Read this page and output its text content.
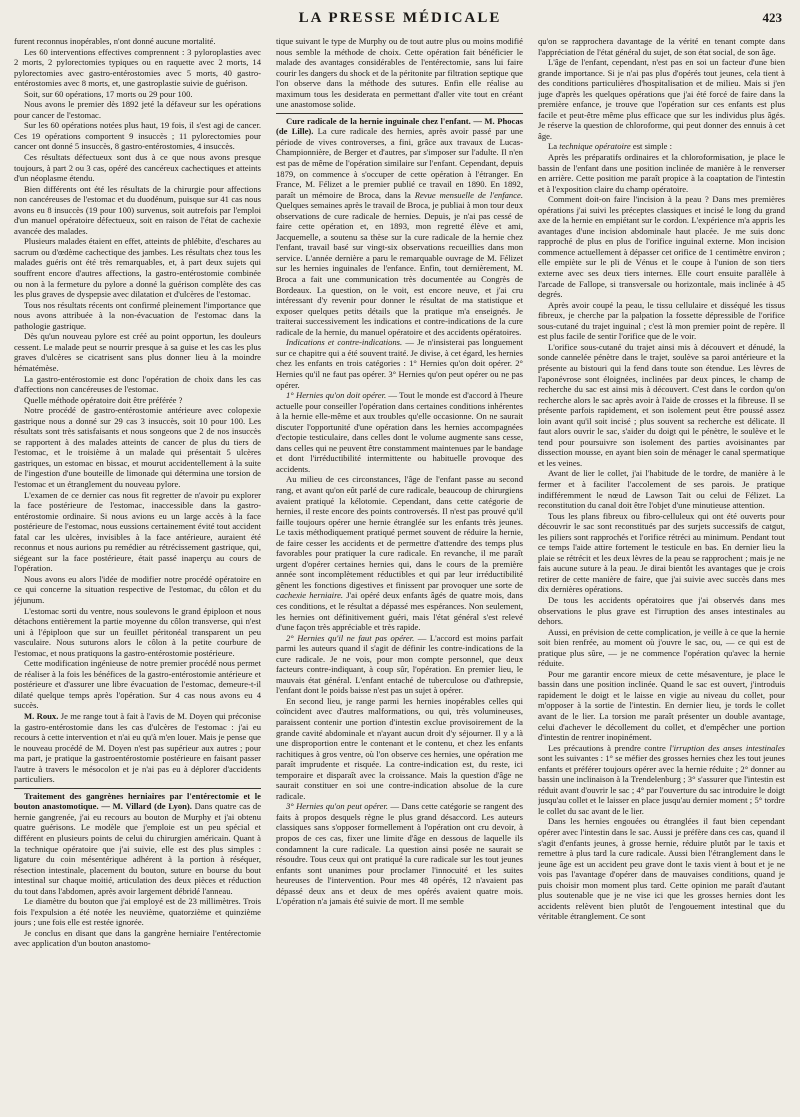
LA PRESSE MÉDICALE	423

furent reconnus inopérables, n'ont donné aucune mortalité.

Les 60 interventions effectives comprennent : 3 pyloroplasties avec 2 morts, 2 pylorectomies typiques ou en raquette avec 2 morts, 14 pylorectomies avec gastro-entérostomies avec 5 morts, 40 gastro-entérostomies avec 8 morts, et, une gastroplastie suivie de guérison.

Soit, sur 60 opérations, 17 morts ou 29 pour 100.

Nous avons le premier dès 1892 jeté la défaveur sur les opérations pour cancer de l'estomac.

Sur les 60 opérations notées plus haut, 19 fois, il s'est agi de cancer. Ces 19 opérations comportent 9 insuccès ; 11 pylorectomies pour cancer ont donné 5 insuccès, 8 gastro-entérostomies, 4 insuccès.

Ces résultats défectueux sont dus à ce que nous avons presque toujours, à part 2 ou 3 cas, opéré des cancéreux cachectiques et atteints d'un néoplasme étendu.

Bien différents ont été les résultats de la chirurgie pour affections non cancéreuses de l'estomac et du duodénum, puisque sur 41 cas nous avons eu 8 insuccès (19 pour 100) survenus, soit autrefois par l'emploi d'un manuel opératoire défectueux, soit en raison de l'état de cachexie avancée des malades.

Plusieurs malades étaient en effet, atteints de phlébite, d'eschares au sacrum ou d'œdème cachectique des jambes. Les résultats chez tous les malades guéris ont été très remarquables, et, à part deux sujets qui souffrent encore d'autres affections, la gastro-entérostomie combinée ou non à la fermeture du pylore a donné la guérison complète des cas les plus graves de dyspepsie avec dilatation et d'ulcères de l'estomac.

Tous nos résultats récents ont confirmé pleinement l'importance que nous avons attribuée à la non-évacuation de l'estomac dans la pathologie gastrique.

Dès qu'un nouveau pylore est créé au point opportun, les douleurs cessent. Le malade peut se nourrir presque à sa guise et les cas les plus graves d'ulcères se cicatrisent sans plus donner lieu à la moindre hématémèse.

La gastro-entérostomie est donc l'opération de choix dans les cas d'affections non cancéreuses de l'estomac.

Quelle méthode opératoire doit être préférée ?

Notre procédé de gastro-entérostomie antérieure avec colopexie gastrique nous a donné sur 29 cas 3 insuccès, soit 10 pour 100. Les résultats sont très satisfaisants et nous songeons que 2 de nos insuccès se rapportent à des malades atteints de cancer de plus du tiers de l'estomac, et le troisième à un malade qui présentait 5 ulcères gastriques, un estomac en bissac, et mourut accidentellement à la suite de l'ingestion d'une bouteille de limonade qui détermina une torsion de l'estomac et un étranglement du nouveau pylore.

L'examen de ce dernier cas nous fit regretter de n'avoir pu explorer la face postérieure de l'estomac, inaccessible dans la gastro-entérostomie ordinaire. Si nous avions eu un large accès à la face postérieure de l'estomac, nous eussions certainement évité tout accident fatal car les ulcères, invisibles à la face antérieure, auraient été reconnus et nous aurions pu remédier au rétrécissement gastrique, qui, siégeant sur la face postérieure, était passé inaperçu au cours de l'opération.

Nous avons eu alors l'idée de modifier notre procédé opératoire en ce qui concerne la situation respective de l'estomac, du côlon et du jéjunum.

L'estomac sorti du ventre, nous soulevons le grand épiploon et nous détachons entièrement la partie moyenne du côlon transverse, qui n'est uni à l'épiploon que sur un feuillet péritonéal transparent un peu vasculaire. Nous suturons alors le côlon à la petite courbure de l'estomac, et nous pratiquons la gastro-entérostomie postérieure.

Cette modification ingénieuse de notre premier procédé nous permet de réaliser à la fois les bénéfices de la gastro-entérostomie antérieure et postérieure et d'assurer une libre évacuation de l'estomac, demeure-t-il dilaté quelque temps après l'opération. Sur 4 cas nous avons eu 4 succès.

M. Roux. Je me range tout à fait à l'avis de M. Doyen qui préconise la gastro-entérostomie dans les cas d'ulcères de l'estomac : j'ai eu recours à cette intervention et n'ai eu qu'à m'en louer. Mais je pense que le nouveau procédé de M. Doyen n'est pas supérieur aux autres ; pour ma part, je pratique la gastroentérostomie postérieure en faisant passer l'autre à travers le mésocolon et je n'ai pas eu à déplorer d'accidents particuliers.

Traitement des gangrènes herniaires par l'entérectomie et le bouton anastomotique. — M. Villard (de Lyon). Dans quatre cas de hernie gangrenée, j'ai eu recours au bouton de Murphy et j'ai obtenu quatre guérisons. Le modèle que j'emploie est un peu spécial et différent en plusieurs points de celui du chirurgien américain. Quant à la technique opératoire que j'ai suivie, elle est des plus simples : ligature du coin mésentérique adhérent à la portion à réséquer, résection intestinale, placement du bouton, suture en bourse du bout intestinal sur chaque moitié, articulation des deux pièces et réduction du tout dans l'abdomen, après avoir largement débridé l'anneau.

Le diamètre du bouton que j'ai employé est de 23 millimètres. Trois fois l'expulsion a été notée les neuvième, quatorzième et quinzième jours ; une fois elle est restée ignorée.

Je conclus en disant que dans la gangrène herniaire l'entérectomie avec application d'un bouton anastomo-

tique suivant le type de Murphy ou de tout autre plus ou moins modifié nous semble la méthode de choix. Cette opération fait bénéficier le malade des avantages considérables de l'entérectomie, sans lui faire courir les dangers du shock et de la péritonite par filtration septique que l'on observe dans la méthode des sutures. Enfin elle réalise au maximum tous les desiderata en permettant d'aller vite tout en créant une anastomose solide.

Cure radicale de la hernie inguinale chez l'enfant. — M. Phocas (de Lille). La cure radicale des hernies, après avoir passé par une période de vives controverses, a fini, grâce aux travaux de Lucas-Championnière, de Berger et d'autres, par s'imposer sur l'adulte. Il n'en est pas de même de l'opération similaire sur l'enfant. Cependant, depuis 1879, on commence à s'occuper de cette opération à l'étranger. En France, M. Félizet a le premier publié ce travail en 1890. En 1892, paraît un mémoire de Broca, dans la Revue mensuelle de l'enfance. Quelques semaines après le travail de Broca, je publiai à mon tour deux observations de cure radicale de hernies. Depuis, je n'ai pas cessé de faire cette opération et, en 1893, mon regretté élève et ami, Jacquemelle, a soutenu sa thèse sur la cure radicale de la hernie chez l'enfant, travail basé sur vingt-six observations recueillies dans mon service. L'année dernière a paru le remarquable ouvrage de M. Félizet sur les hernies inguinales de l'enfance. Enfin, tout dernièrement, M. Broca a fait une communication très documentée au Congrès de Bordeaux. La question, on le voit, est encore neuve, et j'ai cru intéressant d'y revenir pour donner le résultat de ma statistique et exposer quelques petits détails que la pratique m'a enseignés. Je traiterai successivement les indications et contre-indications de la cure radicale de la hernie, du manuel opératoire et des accidents opératoires.

Indications et contre-indications. — Je n'insisterai pas longuement sur ce chapitre qui a été souvent traité. Je divise, à cet égard, les hernies chez les enfants en trois catégories : 1° Hernies qu'on doit opérer. 2° Hernies qu'il ne faut pas opérer. 3° Hernies qu'on peut opérer ou ne pas opérer.

1° Hernies qu'on doit opérer. — Tout le monde est d'accord à l'heure actuelle pour conseiller l'opération dans certaines conditions inhérentes à la hernie elle-même et aux troubles qu'elle occasionne. On ne saurait discuter l'opportunité d'une opération dans les hernies accompagnées d'ectopie testiculaire, dans celles dont le volume augmente sans cesse, dans celles qui ne peuvent être constamment maintenues par le bandage et dont l'irréductibilité intermittente ou habituelle provoque des accidents.

Au milieu de ces circonstances, l'âge de l'enfant passe au second rang, et avant qu'on eût parlé de cure radicale, beaucoup de chirurgiens avaient pratiqué la kélotomie. Cependant, dans cette catégorie de hernies, il reste encore des points controversés. Il n'est pas prouvé qu'il faille toujours opérer une hernie étranglée sur les enfants très jeunes. Le taxis méthodiquement pratiqué permet souvent de réduire la hernie, de faire cesser les accidents et de permettre d'attendre des temps plus favorables pour pratiquer la cure radicale. En revanche, il me paraît urgent d'opérer certaines hernies qui, dans le cours de la première année sont incomplètement réductibles et qui par leur irréductibilité gênent les fonctions digestives et finissent par provoquer une sorte de cachexie herniaire. J'ai opéré deux enfants âgés de quatre mois, dans ces conditions, et le résultat a dépassé mes espérances. Non seulement, les hernies ont définitivement guéri, mais l'état général s'est relevé d'une façon très appréciable et très rapide.

2° Hernies qu'il ne faut pas opérer. — L'accord est moins parfait parmi les auteurs quand il s'agit de définir les contre-indications de la cure radicale. Je ne vois, pour mon compte personnel, que deux facteurs contre-indiquant, à coup sûr, l'opération. En premier lieu, le mauvais état général. L'enfant entaché de tuberculose ou d'athrepsie, l'enfant dont le poids baisse n'est pas un sujet à opérer.

En second lieu, je range parmi les hernies inopérables celles qui coïncident avec d'autres malformations, ou qui, très volumineuses, paraissent contenir une portion d'intestin exclue provisoirement de la grande cavité abdominale et n'ayant aucun droit d'y séjourner. Il y a là une disproportion entre le contenant et le contenu, et chez les enfants rachitiques à gros ventre, où l'on observe ces hernies, une opération me paraît imprudente et risquée. La contre-indication est, du reste, ici temporaire et disparaît avec la croissance. Mais la question d'âge ne saurait constituer en soi une contre-indication absolue de la cure radicale.

3° Hernies qu'on peut opérer. — Dans cette catégorie se rangent des faits à propos desquels règne le plus grand désaccord. Les auteurs classiques sans s'opposer formellement à l'opération ont cru devoir, à propos de ces cas, fixer une limite d'âge en dessous de laquelle ils condamnent la cure radicale. La question ainsi posée ne saurait se résoudre. Tous ceux qui ont pratiqué la cure radicale sur les tout jeunes enfants sont unanimes pour proclamer l'innocuité et les suites heureuses de l'intervention. Pour mes 48 opérés, 12 n'avaient pas dépassé deux ans et deux de mes opérés avaient quatre mois. L'opération n'a jamais été suivie de mort. Il me semble

qu'on se rapprochera davantage de la vérité en tenant compte dans l'appréciation de l'état général du sujet, de son état social, de son âge.

L'âge de l'enfant, cependant, n'est pas en soi un facteur d'une bien grande importance. Si je n'ai pas plus d'opérés tout jeunes, cela tient à des conditions particulières d'hospitalisation et de milieu. Mais si j'en juge d'après les quelques opérations que j'ai été forcé de faire dans la première enfance, je trouve que l'opération sur ces enfants est plus facile et peut-être même plus efficace que sur les individus plus âgés. Je réserve la question de chloroforme, qui peut donner des ennuis à cet âge.

La technique opératoire est simple :

Après les préparatifs ordinaires et la chloroformisation, je place le bassin de l'enfant dans une position inclinée de manière à le renverser en arrière. Cette position me paraît propice à la coaptation de l'intestin et à l'exposition claire du champ opératoire.

Comment doit-on faire l'incision à la peau ? Dans mes premières opérations j'ai suivi les préceptes classiques et incisé le long du grand axe de la hernie en empiétant sur le cordon. L'expérience m'a appris les avantages d'une incision abdominale haut placée. Je me suis donc rapproché de plus en plus de l'orifice inguinal externe. Mon incision commence actuellement à dépasser cet orifice de 1 centimètre environ ; elle empiète sur le pli de Vénus et le coupe à l'union de son tiers externe avec ses deux tiers internes. Elle court ensuite parallèle à l'arcade de Fallope, si transversale ou horizontale, mais inclinée à 45 degrés.

Après avoir coupé la peau, le tissu cellulaire et disséqué les tissus fibreux, je cherche par la palpation la fossette dépressible de l'orifice sous-cutané du trajet inguinal ; c'est là mon premier point de repère. Il est plus facile de sentir l'orifice que de le voir.

L'orifice sous-cutané du trajet ainsi mis à découvert et dénudé, la sonde cannelée pénètre dans le trajet, soulève sa paroi antérieure et la présente au bistouri qui la fend dans toute son étendue. Les lèvres de l'aponévrose sont éloignées, inclinées par deux pinces, le champ de recherche du sac est ainsi mis à découvert. C'est dans le cordon qu'on recherche alors le sac après avoir à l'aide de crosses et la fibreuse. Il se présente parfois rapidement, et son isolement peut être poussé assez loin avant qu'il soit incisé ; plus souvent sa recherche est délicate. Il faut alors ouvrir le sac, s'aider du doigt qui le pénètre, le soulève et le tend pour poursuivre son isolement des parties avoisinantes par dissection mousse, en ayant bien soin de ménager le canal spermatique et les veines.

Avant de lier le collet, j'ai l'habitude de le tordre, de manière à le fermer et à faciliter l'accolement de ses parois. Je pratique indifféremment le nœud de Lawson Tait ou celui de Félizet. La reconstitution du canal doit être l'objet d'une minutieuse attention.

Tous les plans fibreux ou fibro-celluleux qui ont été ouverts pour découvrir le sac sont reconstitués par des surjets successifs de catgut, les piliers sont rapprochés et l'orifice rétréci au minimum. Pendant tout ce temps l'aide attire fortement le testicule en bas. En dernier lieu la plaie se rétrécit et les deux lèvres de la peau se rapprochent ; mais je ne fais aucune suture à la peau. Je dirai bientôt les avantages que je crois retirer de cette manière de faire, que j'ai suivie avec succès dans mes dix dernières opérations.

De tous les accidents opératoires que j'ai observés dans mes observations le plus grave est l'irruption des anses intestinales au dehors.

Aussi, en prévision de cette complication, je veille à ce que la hernie soit bien renfrée, au moment où j'ouvre le sac, ou, — ce qui est de pratique plus sûre, — je ne commence l'opération qu'avec la hernie réduite.

Pour me garantir encore mieux de cette mésaventure, je place le bassin dans une position inclinée. Quand le sac est ouvert, j'introduis rapidement le doigt et le laisse en vigie au niveau du collet, pour m'opposer à la sortie de l'intestin. En dernier lieu, je tords le collet avant de le lier. La torsion me paraît présenter un double avantage, celui d'achever le décollement du collet, et d'empêcher une portion d'intestin de rentrer inopinément.

Les précautions à prendre contre l'irruption des anses intestinales sont les suivantes : 1° se méfier des grosses hernies chez les tout jeunes enfants et préférer toujours opérer avec la hernie réduite ; 2° donner au bassin une inclinaison à la Trendelenburg ; 3° s'assurer que l'intestin est réduit avant d'ouvrir le sac ; 4° par l'ouverture du sac introduire le doigt jusqu'au collet et le laisser en place jusqu'au dernier moment ; 5° tordre le collet du sac avant de le lier.

Dans les hernies engouées ou étranglées il faut bien cependant opérer avec l'intestin dans le sac. Aussi je préfère dans ces cas, quand il s'agit d'enfants jeunes, à grosse hernie, réduire plutôt par le taxis et remettre à plus tard la cure radicale. Aussi bien l'étranglement dans le jeune âge est un accident peu grave dont le taxis vient à bout et je ne vois pas l'avantage d'opérer dans de mauvaises conditions, quand je puis choisir mon moment plus tard. Cette opinion me paraît d'autant plus soutenable que je ne vise ici que les grosses hernies dont les accidents relèvent bien plutôt de l'engouement intestinal que du véritable étranglement. Ce sont
